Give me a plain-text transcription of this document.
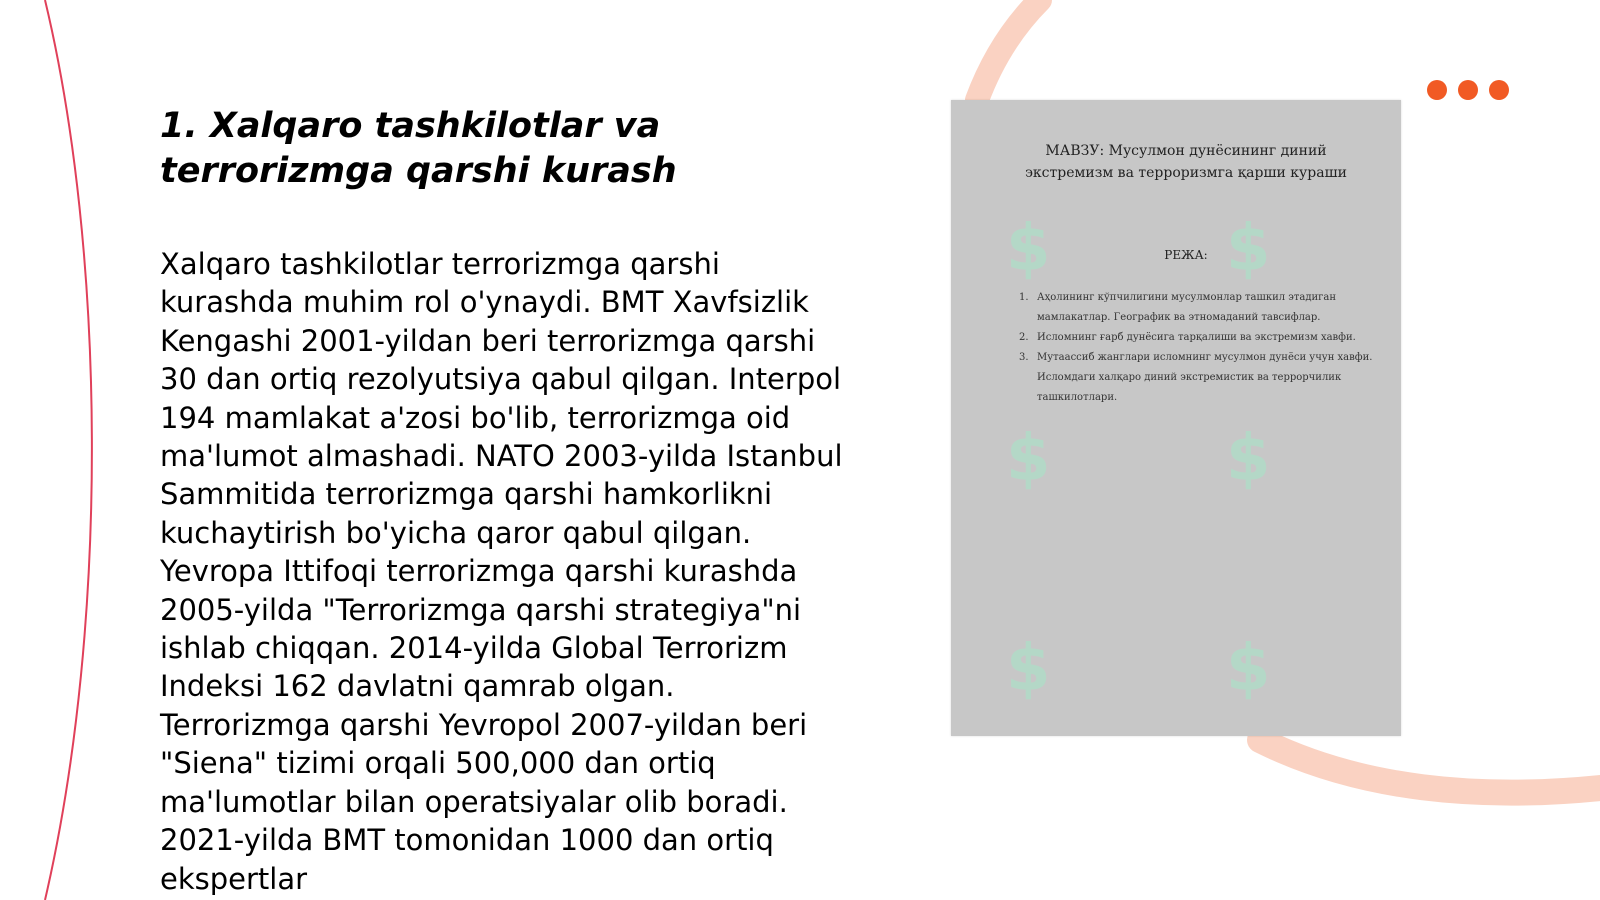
1. Xalqaro tashkilotlar va terrorizmga qarshi kurash

Xalqaro tashkilotlar terrorizmga qarshi kurashda muhim rol o'ynaydi. BMT Xavfsizlik Kengashi 2001-yildan beri terrorizmga qarshi 30 dan ortiq rezolyutsiya qabul qilgan. Interpol 194 mamlakat a'zosi bo'lib, terrorizmga oid ma'lumot almashadi. NATO 2003-yilda Istanbul Sammitida terrorizmga qarshi hamkorlikni kuchaytirish bo'yicha qaror qabul qilgan. Yevropa Ittifoqi terrorizmga qarshi kurashda 2005-yilda "Terrorizmga qarshi strategiya"ni ishlab chiqqan. 2014-yilda Global Terrorizm Indeksi 162 davlatni qamrab olgan. Terrorizmga qarshi Yevropol 2007-yildan beri "Siena" tizimi orqali 500,000 dan ortiq ma'lumotlar bilan operatsiyalar olib boradi. 2021-yilda BMT tomonidan 1000 dan ortiq ekspertlar

$	$
$	$
$	$
МАВЗУ: Мусулмон дунёсининг диний
экстремизм ва терроризмга қарши кураши
РЕЖА:
1. Аҳолининг кўпчилигини мусулмонлар ташкил этадиган мамлакатлар. Географик ва этномаданий тавсифлар.
2. Исломнинг ғарб дунёсига тарқалиши ва экстремизм хавфи.
3. Мутаассиб жанглари исломнинг мусулмон дунёси учун хавфи. Исломдаги халқаро диний экстремистик ва террорчилик ташкилотлари.
